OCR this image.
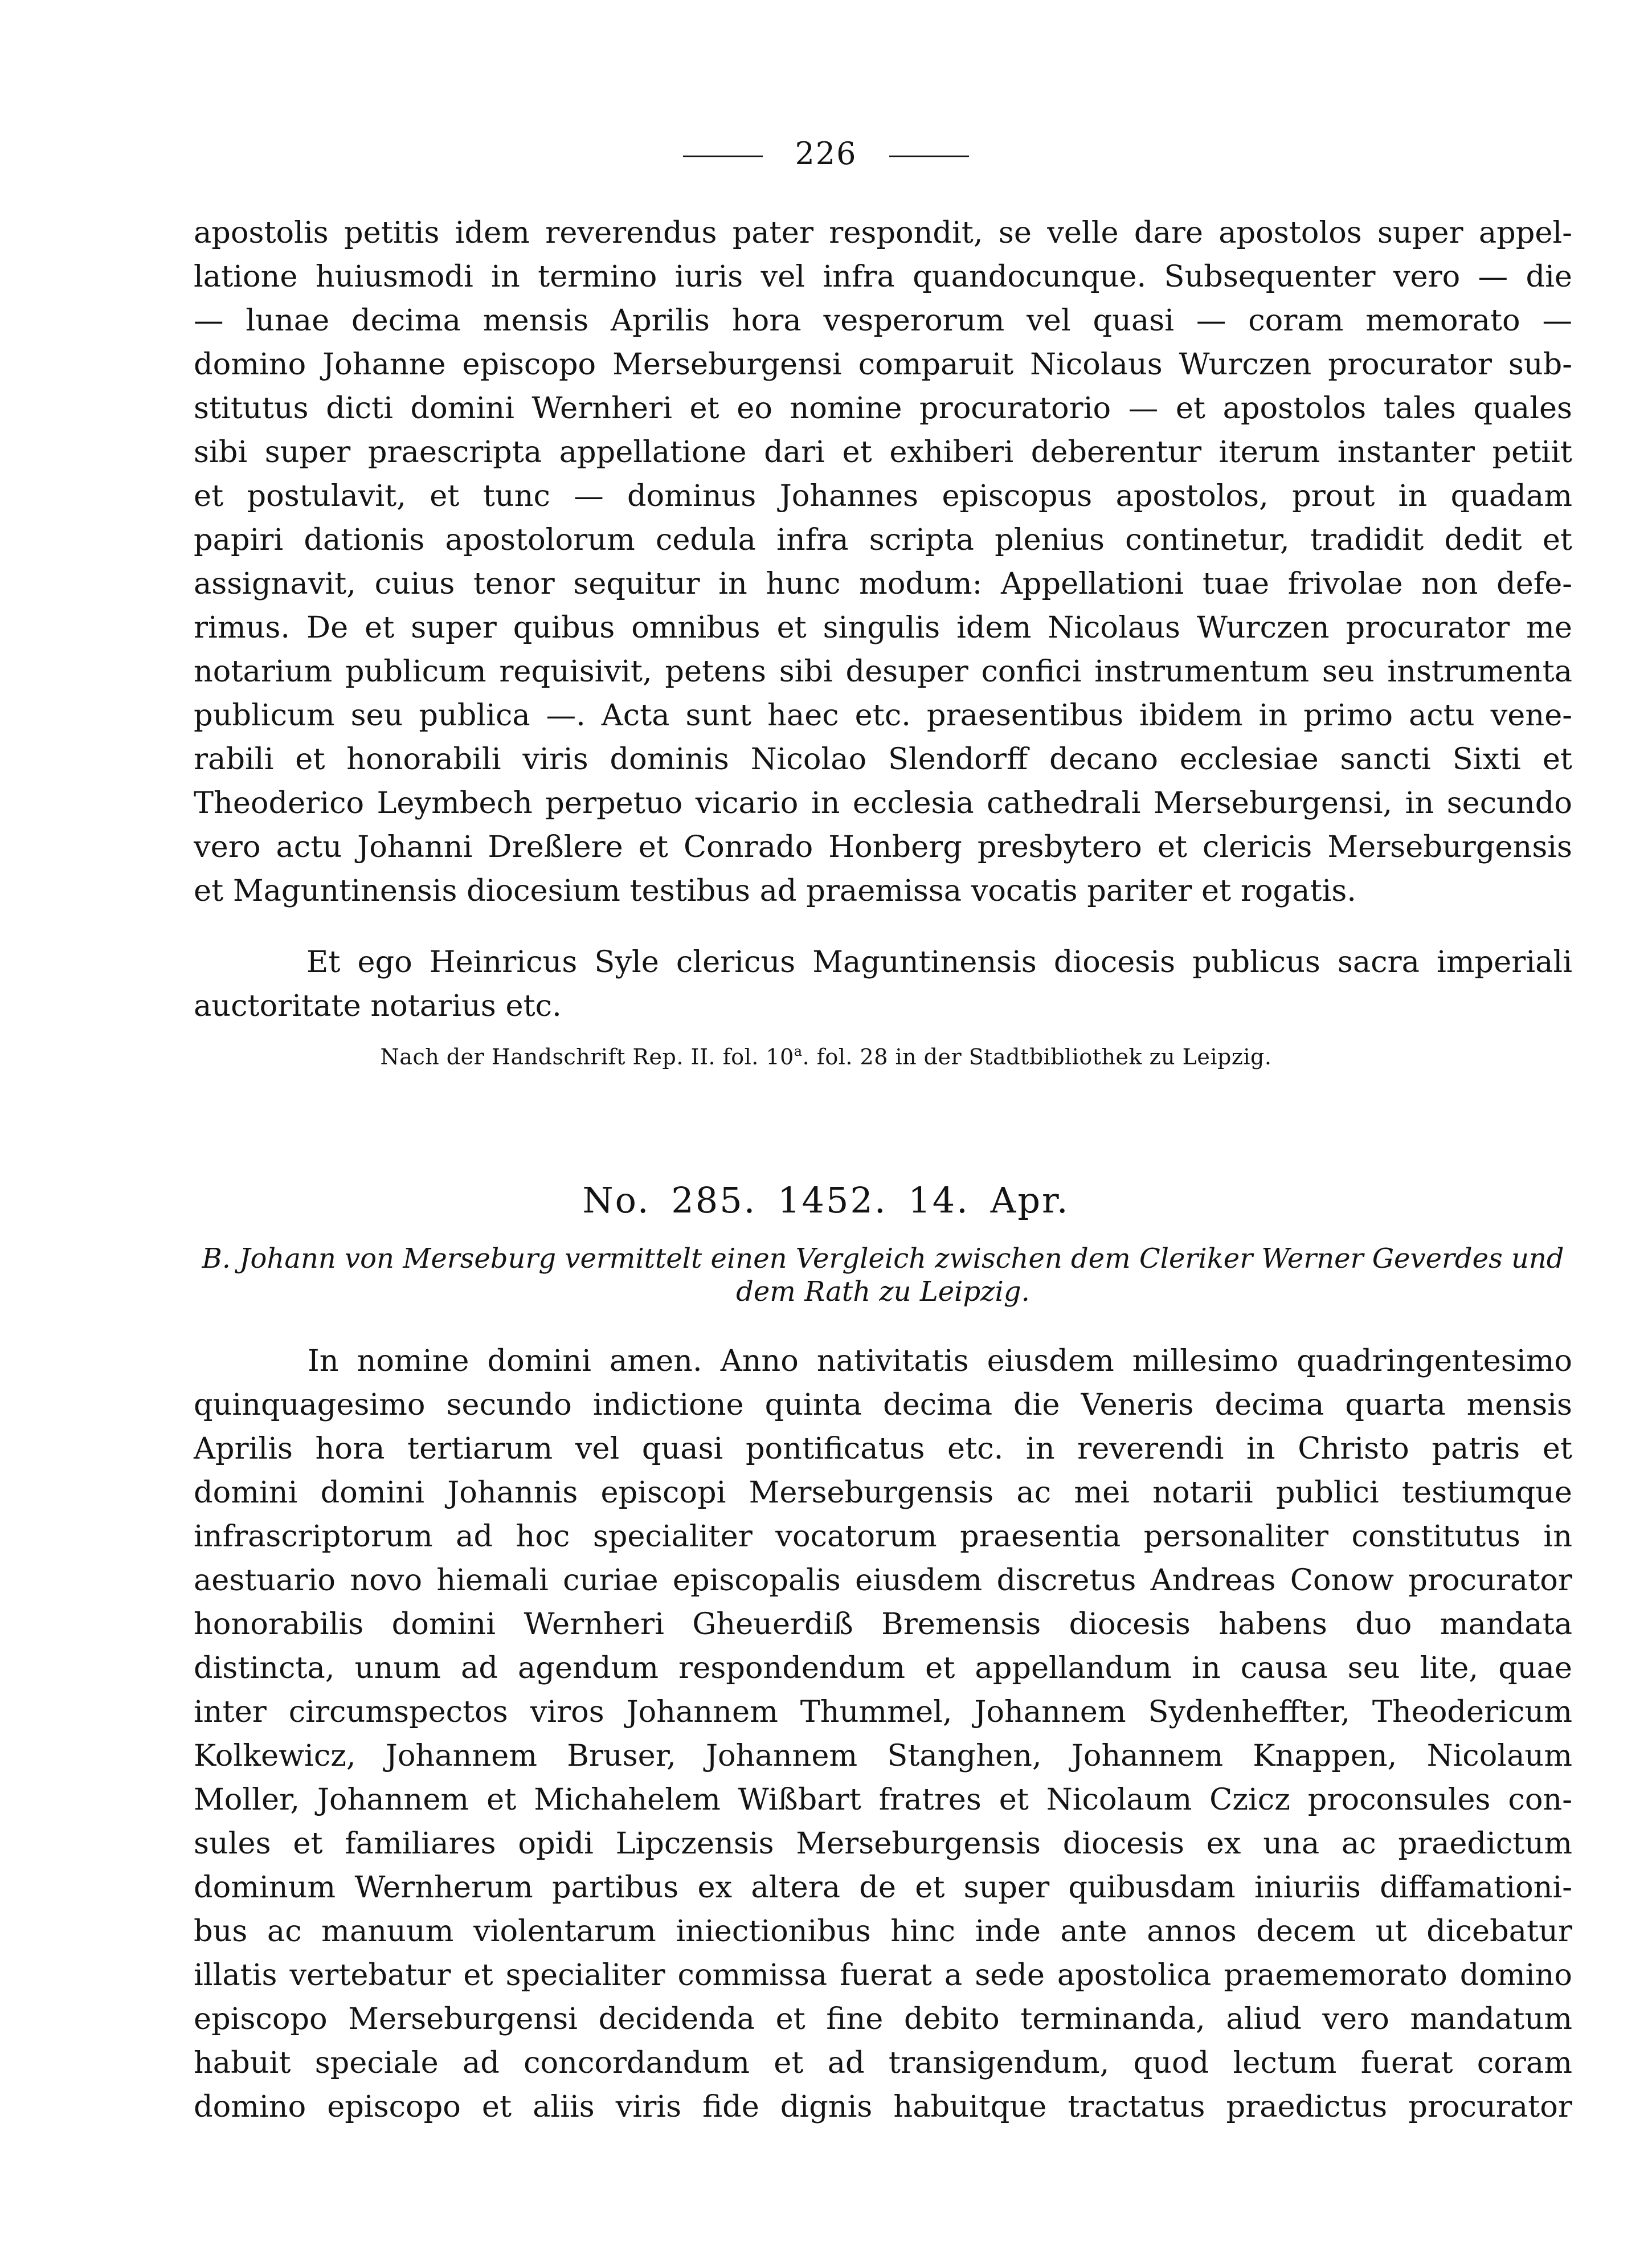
226
apostolis petitis idem reverendus pater respondit, se velle dare apostolos super appel-
latione huiusmodi in termino iuris vel infra quandocunque. Subsequenter vero — die
— lunae decima mensis Aprilis hora vesperorum vel quasi — coram memorato —
domino Johanne episcopo Merseburgensi comparuit Nicolaus Wurczen procurator sub-
stitutus dicti domini Wernheri et eo nomine procuratorio — et apostolos tales quales
sibi super praescripta appellatione dari et exhiberi deberentur iterum instanter petiit
et postulavit, et tunc — dominus Johannes episcopus apostolos, prout in quadam
papiri dationis apostolorum cedula infra scripta plenius continetur, tradidit dedit et
assignavit, cuius tenor sequitur in hunc modum: Appellationi tuae frivolae non defe-
rimus. De et super quibus omnibus et singulis idem Nicolaus Wurczen procurator me
notarium publicum requisivit, petens sibi desuper confici instrumentum seu instrumenta
publicum seu publica —. Acta sunt haec etc. praesentibus ibidem in primo actu vene-
rabili et honorabili viris dominis Nicolao Slendorff decano ecclesiae sancti Sixti et
Theoderico Leymbech perpetuo vicario in ecclesia cathedrali Merseburgensi, in secundo
vero actu Johanni Dreßlere et Conrado Honberg presbytero et clericis Merseburgensis
et Maguntinensis diocesium testibus ad praemissa vocatis pariter et rogatis.
Et ego Heinricus Syle clericus Maguntinensis diocesis publicus sacra imperiali
auctoritate notarius etc.
Nach der Handschrift Rep. II. fol. 10$^a$. fol. 28 in der Stadtbibliothek zu Leipzig.
No. 285. 1452. 14. Apr.
B. Johann von Merseburg vermittelt einen Vergleich zwischen dem Cleriker Werner Geverdes und
dem Rath zu Leipzig.
In nomine domini amen. Anno nativitatis eiusdem millesimo quadringentesimo
quinquagesimo secundo indictione quinta decima die Veneris decima quarta mensis
Aprilis hora tertiarum vel quasi pontificatus etc. in reverendi in Christo patris et
domini domini Johannis episcopi Merseburgensis ac mei notarii publici testiumque
infrascriptorum ad hoc specialiter vocatorum praesentia personaliter constitutus in
aestuario novo hiemali curiae episcopalis eiusdem discretus Andreas Conow procurator
honorabilis domini Wernheri Gheuerdiß Bremensis diocesis habens duo mandata
distincta, unum ad agendum respondendum et appellandum in causa seu lite, quae
inter circumspectos viros Johannem Thummel, Johannem Sydenheffter, Theodericum
Kolkewicz, Johannem Bruser, Johannem Stanghen, Johannem Knappen, Nicolaum
Moller, Johannem et Michahelem Wißbart fratres et Nicolaum Czicz proconsules con-
sules et familiares opidi Lipczensis Merseburgensis diocesis ex una ac praedictum
dominum Wernherum partibus ex altera de et super quibusdam iniuriis diffamationi-
bus ac manuum violentarum iniectionibus hinc inde ante annos decem ut dicebatur
illatis vertebatur et specialiter commissa fuerat a sede apostolica praememorato domino
episcopo Merseburgensi decidenda et fine debito terminanda, aliud vero mandatum
habuit speciale ad concordandum et ad transigendum, quod lectum fuerat coram
domino episcopo et aliis viris fide dignis habuitque tractatus praedictus procurator
